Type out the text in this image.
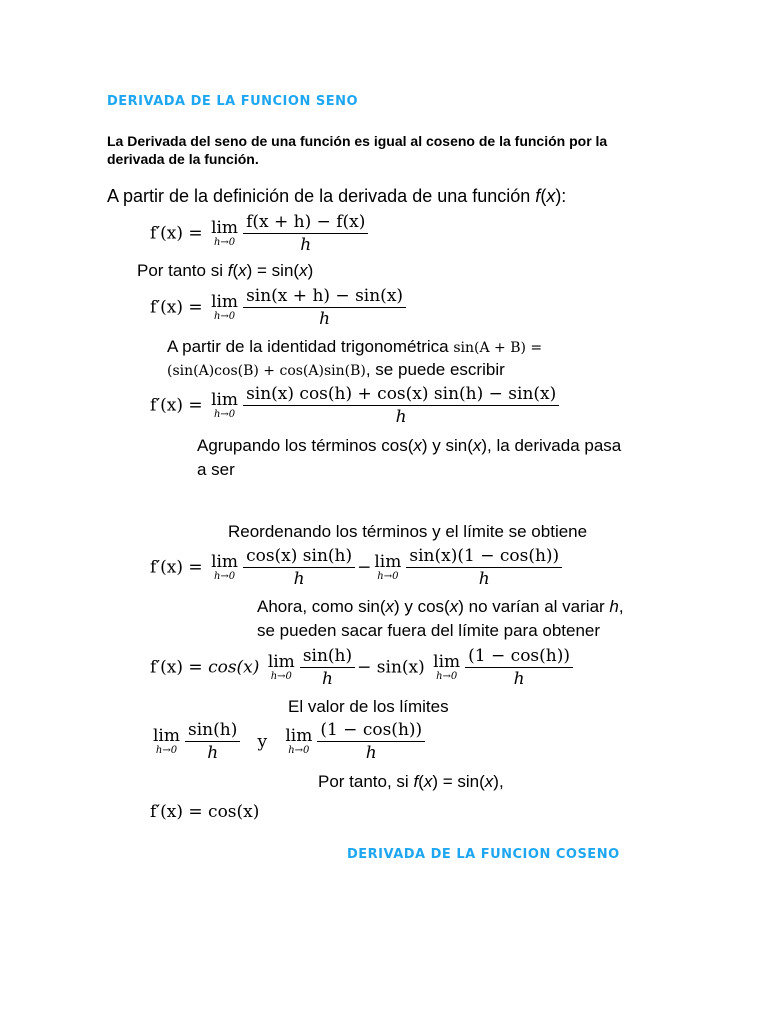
DERIVADA DE LA FUNCION SENO
La Derivada del seno de una función es igual al coseno de la función por la
derivada de la función.
A partir de la definición de la derivada de una función f(x):
f′(x) = lim
$h\to 0 \frac{f(x + h) - f(x)}{h}$
Por tanto si f(x) = sin(x)
f′(x) = lim
$h\to 0 \frac{\sin(x + h) - \sin(x)}{h}$
A partir de la identidad trigonométrica sin(A + B) =
(sin(A)cos(B) + cos(A)sin(B), se puede escribir
f′(x) = lim
$h\to 0 \frac{\sin(x) \cos(h) + \cos(x) \sin(h) - \sin(x)}{h}$
Agrupando los términos cos(x) y sin(x), la derivada pasa
a ser
Reordenando los términos y el límite se obtiene
f′(x) = lim
$h\to 0 \frac{\cos(x) \sin(h)}{h} - \lim$
$h\to 0 \frac{\sin(x)(1 - \cos(h))}{h}$
Ahora, como sin(x) y cos(x) no varían al variar h,
se pueden sacar fuera del límite para obtener
f′(x) = cos(x) lim
$h\to 0 \frac{\sin(h)}{h} - \sin(x)$ lim
$h\to 0 \frac{(1 - \cos(h))}{h}$
El valor de los límites
lim
$h\to 0 \frac{\sin(h)}{h}$ y lim
$h\to 0 \frac{(1 - \cos(h))}{h}$
Por tanto, si f(x) = sin(x),
f′(x) = cos(x)
DERIVADA DE LA FUNCION COSENO
